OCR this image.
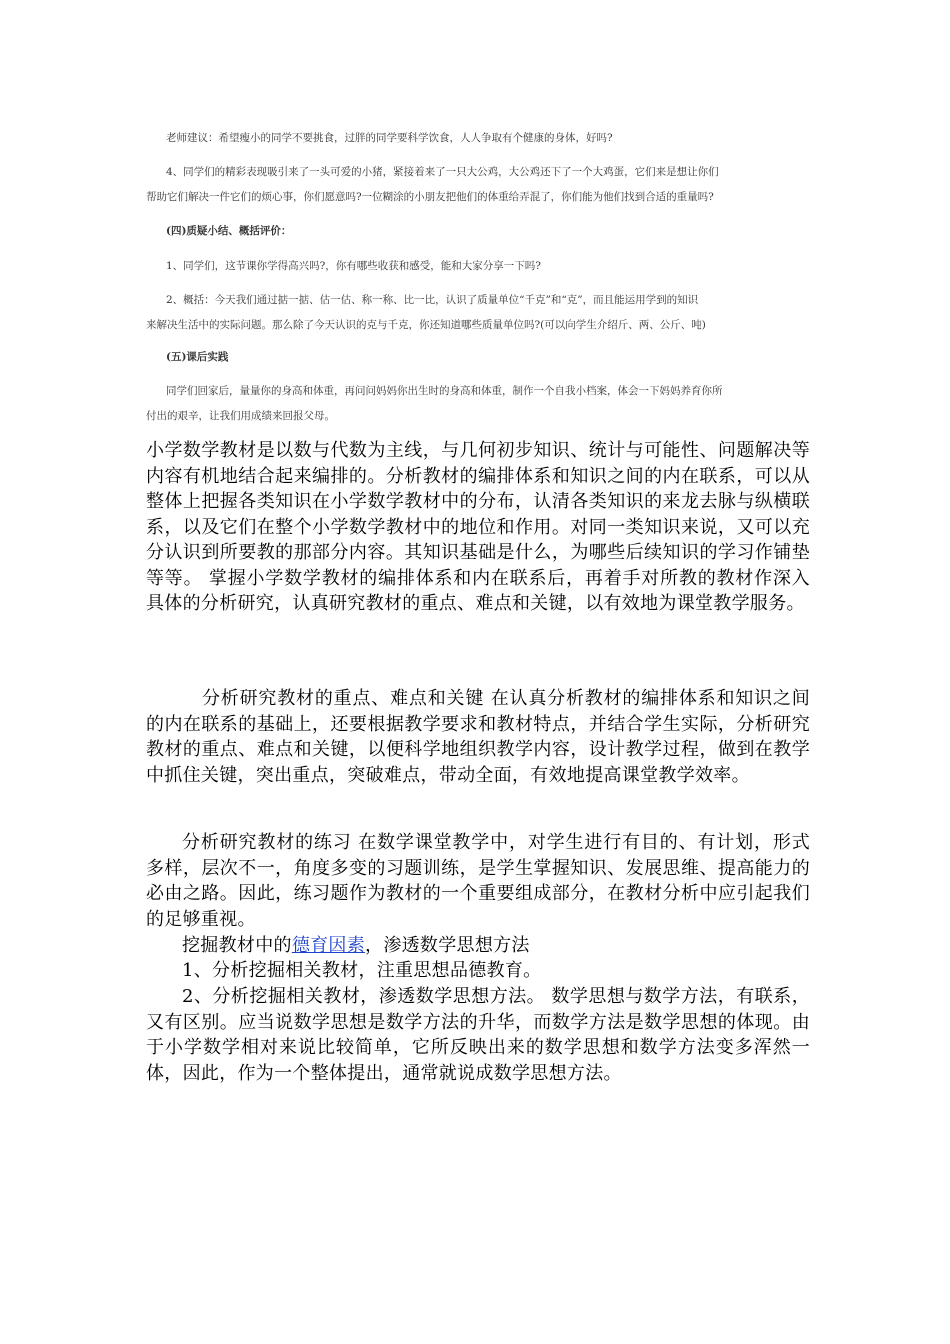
老师建议：希望瘦小的同学不要挑食，过胖的同学要科学饮食，人人争取有个健康的身体，好吗?
4、同学们的精彩表现吸引来了一头可爱的小猪，紧接着来了一只大公鸡，大公鸡还下了一个大鸡蛋，它们来是想让你们
帮助它们解决一件它们的烦心事，你们愿意吗?一位糊涂的小朋友把他们的体重给弄混了，你们能为他们找到合适的重量吗?
(四)质疑小结、概括评价：
1、同学们，这节课你学得高兴吗?，你有哪些收获和感受，能和大家分享一下吗?
2、概括：今天我们通过掂一掂、估一估、称一称、比一比，认识了质量单位“千克”和“克”，而且能运用学到的知识
来解决生活中的实际问题。那么除了今天认识的克与千克，你还知道哪些质量单位吗?(可以向学生介绍斤、两、公斤、吨)
(五)课后实践
同学们回家后，量量你的身高和体重，再问问妈妈你出生时的身高和体重，制作一个自我小档案，体会一下妈妈养育你所
付出的艰辛，让我们用成绩来回报父母。

小学数学教材是以数与代数为主线，与几何初步知识、统计与可能性、问题解决等内容有机地结合起来编排的。分析教材的编排体系和知识之间的内在联系，可以从整体上把握各类知识在小学数学教材中的分布，认清各类知识的来龙去脉与纵横联系，以及它们在整个小学数学教材中的地位和作用。对同一类知识来说，又可以充分认识到所要教的那部分内容。其知识基础是什么，为哪些后续知识的学习作铺垫等等。 掌握小学数学教材的编排体系和内在联系后，再着手对所教的教材作深入具体的分析研究，认真研究教材的重点、难点和关键，以有效地为课堂教学服务。

分析研究教材的重点、难点和关键 在认真分析教材的编排体系和知识之间的内在联系的基础上，还要根据教学要求和教材特点，并结合学生实际，分析研究教材的重点、难点和关键，以便科学地组织教学内容，设计教学过程，做到在教学中抓住关键，突出重点，突破难点，带动全面，有效地提高课堂教学效率。

分析研究教材的练习 在数学课堂教学中，对学生进行有目的、有计划，形式多样，层次不一，角度多变的习题训练，是学生掌握知识、发展思维、提高能力的必由之路。因此，练习题作为教材的一个重要组成部分，在教材分析中应引起我们的足够重视。

挖掘教材中的德育因素，渗透数学思想方法

1、分析挖掘相关教材，注重思想品德教育。

2、分析挖掘相关教材，渗透数学思想方法。 数学思想与数学方法，有联系，又有区别。应当说数学思想是数学方法的升华，而数学方法是数学思想的体现。由于小学数学相对来说比较简单，它所反映出来的数学思想和数学方法变多浑然一体，因此，作为一个整体提出，通常就说成数学思想方法。
